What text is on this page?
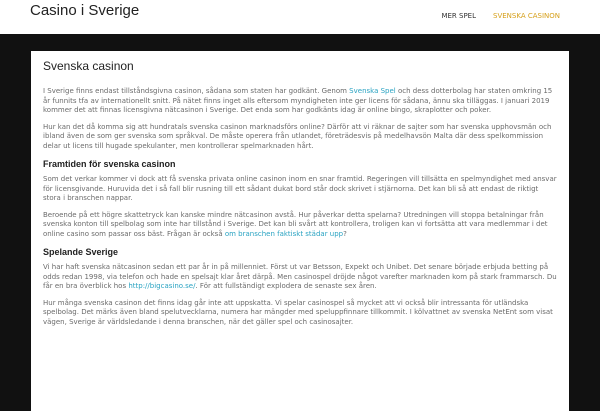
Casino i Sverige	MER SPEL SVENSKA CASINON
Svenska casinon

I Sverige finns endast tillståndsgivna casinon, sådana som staten har godkänt. Genom Svenska Spel och dess dotterbolag har staten omkring 15 år funnits tfa av internationellt snitt. På nätet finns inget alls eftersom myndigheten inte ger licens för sådana, ännu ska tilläggas. I januari 2019 kommer det att finnas licensgivna nätcasinon i Sverige. Det enda som har godkänts idag är online bingo, skraplotter och poker.

Hur kan det då komma sig att hundratals svenska casinon marknadsförs online? Därför att vi räknar de sajter som har svenska upphovsmän och ibland även de som ger svenska som språkval. De måste operera från utlandet, företrädesvis på medelhavsön Malta där dess spelkommission delar ut licens till hugade spekulanter, men kontrollerar spelmarknaden hårt.

Framtiden för svenska casinon

Som det verkar kommer vi dock att få svenska privata online casinon inom en snar framtid. Regeringen vill tillsätta en spelmyndighet med ansvar för licensgivande. Huruvida det i så fall blir rusning till ett sådant dukat bord står dock skrivet i stjärnorna. Det kan bli så att endast de riktigt stora i branschen nappar.

Beroende på ett högre skattetryck kan kanske mindre nätcasinon avstå. Hur påverkar detta spelarna? Utredningen vill stoppa betalningar från svenska konton till spelbolag som inte har tillstånd i Sverige. Det kan bli svårt att kontrollera, troligen kan vi fortsätta att vara medlemmar i det online casino som passar oss bäst. Frågan är också om branschen faktiskt städar upp?

Spelande Sverige

Vi har haft svenska nätcasinon sedan ett par år in på millenniet. Först ut var Betsson, Expekt och Unibet. Det senare började erbjuda betting på odds redan 1998, via telefon och hade en spelsajt klar året därpå. Men casinospel dröjde något varefter marknaden kom på stark frammarsch. Du får en bra överblick hos http://bigcasino.se/. För att fullständigt explodera de senaste sex åren.

Hur många svenska casinon det finns idag går inte att uppskatta. Vi spelar casinospel så mycket att vi också blir intressanta för utländska spelbolag. Det märks även bland spelutvecklarna, numera har mängder med speluppfinnare tillkommit. I kölvattnet av svenska NetEnt som visat vägen, Sverige är världsledande i denna branschen, när det gäller spel och casinosajter.
